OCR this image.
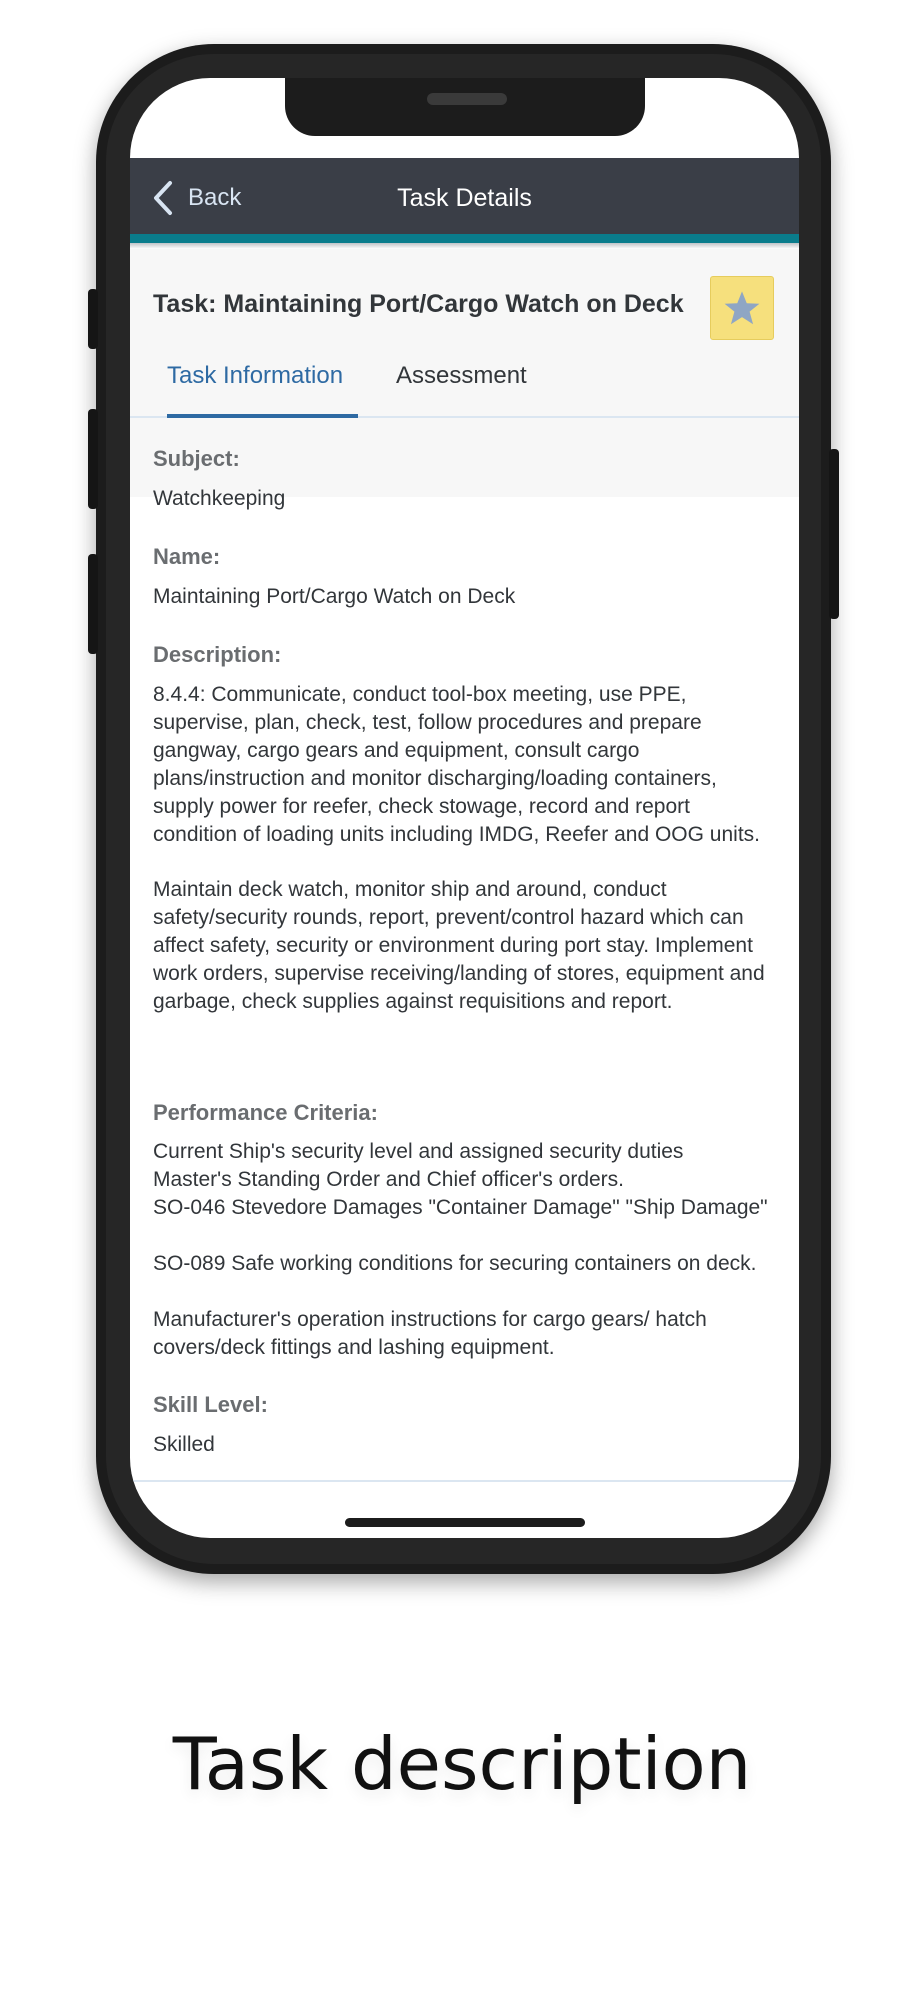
Back	Task Details
Task: Maintaining Port/Cargo Watch on Deck
Task Information Assessment
Subject:
Watchkeeping
Name:
Maintaining Port/Cargo Watch on Deck
Description:
8.4.4: Communicate, conduct tool-box meeting, use PPE, supervise, plan, check, test, follow procedures and prepare gangway, cargo gears and equipment, consult cargo plans/instruction and monitor discharging/loading containers, supply power for reefer, check stowage, record and report condition of loading units including IMDG, Reefer and OOG units.
Maintain deck watch, monitor ship and around, conduct safety/security rounds, report, prevent/control hazard which can affect safety, security or environment during port stay. Implement work orders, supervise receiving/landing of stores, equipment and garbage, check supplies against requisitions and report.
Performance Criteria:
Current Ship's security level and assigned security duties
Master's Standing Order and Chief officer's orders.
SO-046 Stevedore Damages "Container Damage" "Ship Damage"
SO-089 Safe working conditions for securing containers on deck.
Manufacturer's operation instructions for cargo gears/ hatch covers/deck fittings and lashing equipment.
Skill Level:
Skilled
Task description
